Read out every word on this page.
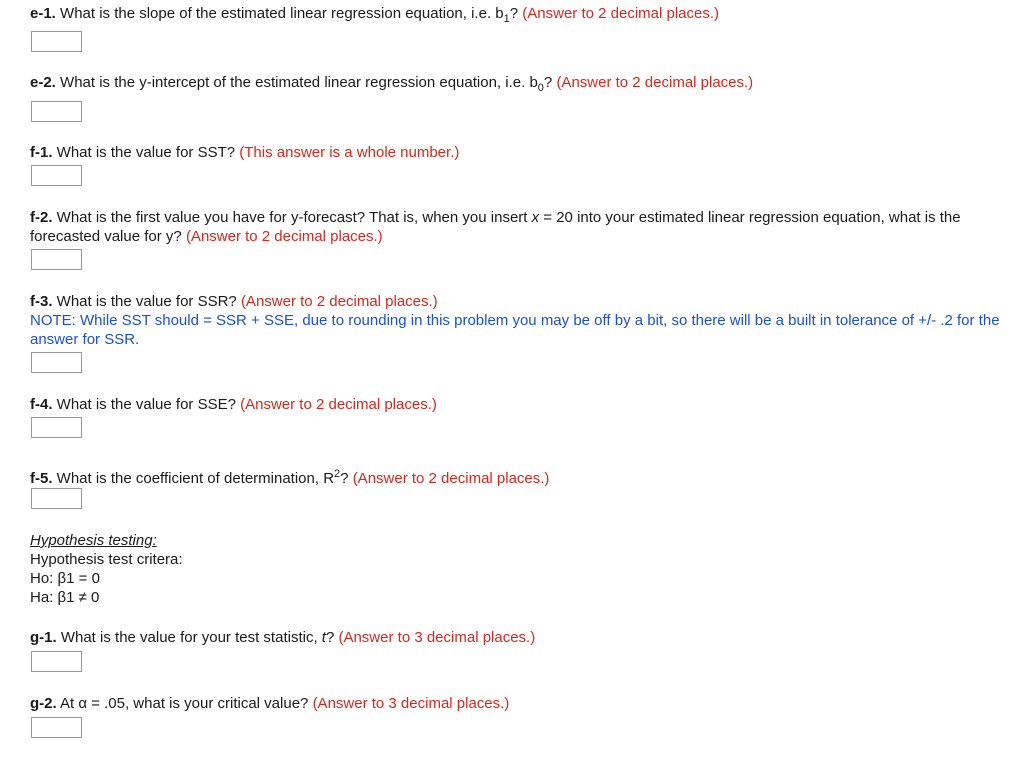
e-1. What is the slope of the estimated linear regression equation, i.e. $b_1$? (Answer to 2 decimal places.)
e-2. What is the y-intercept of the estimated linear regression equation, i.e. $b_0$? (Answer to 2 decimal places.)
f-1. What is the value for SST? (This answer is a whole number.)
f-2. What is the first value you have for y-forecast? That is, when you insert x = 20 into your estimated linear regression equation, what is the forecasted value for y? (Answer to 2 decimal places.)
f-3. What is the value for SSR? (Answer to 2 decimal places.)
NOTE: While SST should = SSR + SSE, due to rounding in this problem you may be off by a bit, so there will be a built in tolerance of +/- .2 for the answer for SSR.
f-4. What is the value for SSE? (Answer to 2 decimal places.)
f-5. What is the coefficient of determination, $R^2$? (Answer to 2 decimal places.)
Hypothesis testing:
Hypothesis test critera:
Ho: β1 = 0
Ha: β1 ≠ 0
g-1. What is the value for your test statistic, t? (Answer to 3 decimal places.)
g-2. At α = .05, what is your critical value? (Answer to 3 decimal places.)
